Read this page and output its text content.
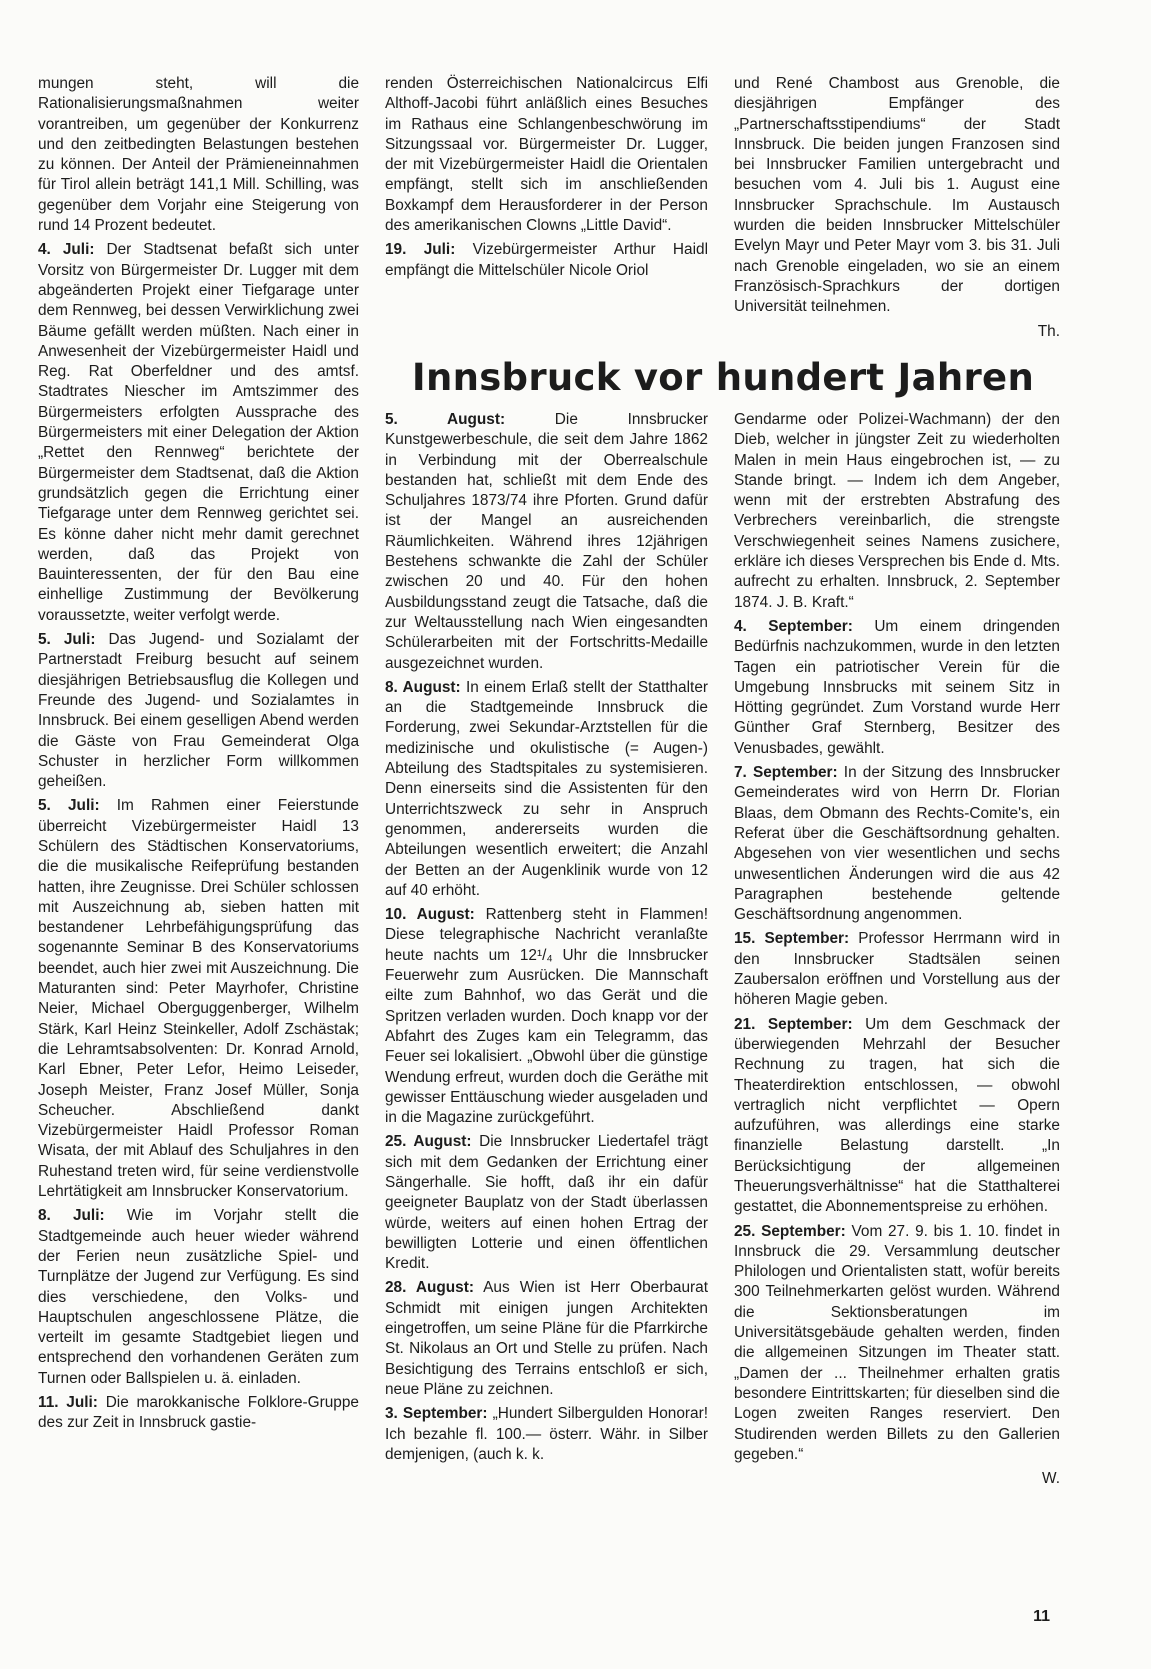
mungen steht, will die Rationalisierungsmaßnahmen weiter vorantreiben, um gegenüber der Konkurrenz und den zeitbedingten Belastungen bestehen zu können. Der Anteil der Prämieneinnahmen für Tirol allein beträgt 141,1 Mill. Schilling, was gegenüber dem Vorjahr eine Steigerung von rund 14 Prozent bedeutet.

4. Juli: Der Stadtsenat befaßt sich unter Vorsitz von Bürgermeister Dr. Lugger mit dem abgeänderten Projekt einer Tiefgarage unter dem Rennweg, bei dessen Verwirklichung zwei Bäume gefällt werden müßten. Nach einer in Anwesenheit der Vizebürgermeister Haidl und Reg. Rat Oberfeldner und des amtsf. Stadtrates Niescher im Amtszimmer des Bürgermeisters erfolgten Aussprache des Bürgermeisters mit einer Delegation der Aktion „Rettet den Rennweg“ berichtete der Bürgermeister dem Stadtsenat, daß die Aktion grundsätzlich gegen die Errichtung einer Tiefgarage unter dem Rennweg gerichtet sei. Es könne daher nicht mehr damit gerechnet werden, daß das Projekt von Bauinteressenten, der für den Bau eine einhellige Zustimmung der Bevölkerung voraussetzte, weiter verfolgt werde.

5. Juli: Das Jugend- und Sozialamt der Partnerstadt Freiburg besucht auf seinem diesjährigen Betriebsausflug die Kollegen und Freunde des Jugend- und Sozialamtes in Innsbruck. Bei einem geselligen Abend werden die Gäste von Frau Gemeinderat Olga Schuster in herzlicher Form willkommen geheißen.

5. Juli: Im Rahmen einer Feierstunde überreicht Vizebürgermeister Haidl 13 Schülern des Städtischen Konservatoriums, die die musikalische Reifeprüfung bestanden hatten, ihre Zeugnisse. Drei Schüler schlossen mit Auszeichnung ab, sieben hatten mit bestandener Lehrbefähigungsprüfung das sogenannte Seminar B des Konservatoriums beendet, auch hier zwei mit Auszeichnung. Die Maturanten sind: Peter Mayrhofer, Christine Neier, Michael Oberguggenberger, Wilhelm Stärk, Karl Heinz Steinkeller, Adolf Zschästak; die Lehramtsabsolventen: Dr. Konrad Arnold, Karl Ebner, Peter Lefor, Heimo Leiseder, Joseph Meister, Franz Josef Müller, Sonja Scheucher. Abschließend dankt Vizebürgermeister Haidl Professor Roman Wisata, der mit Ablauf des Schuljahres in den Ruhestand treten wird, für seine verdienstvolle Lehrtätigkeit am Innsbrucker Konservatorium.

8. Juli: Wie im Vorjahr stellt die Stadtgemeinde auch heuer wieder während der Ferien neun zusätzliche Spiel- und Turnplätze der Jugend zur Verfügung. Es sind dies verschiedene, den Volks- und Hauptschulen angeschlossene Plätze, die verteilt im gesamte Stadtgebiet liegen und entsprechend den vorhandenen Geräten zum Turnen oder Ballspielen u. ä. einladen.

11. Juli: Die marokkanische Folklore-Gruppe des zur Zeit in Innsbruck gastie-

renden Österreichischen Nationalcircus Elfi Althoff-Jacobi führt anläßlich eines Besuches im Rathaus eine Schlangenbeschwörung im Sitzungssaal vor. Bürgermeister Dr. Lugger, der mit Vizebürgermeister Haidl die Orientalen empfängt, stellt sich im anschließenden Boxkampf dem Herausforderer in der Person des amerikanischen Clowns „Little David“.

19. Juli: Vizebürgermeister Arthur Haidl empfängt die Mittelschüler Nicole Oriol

und René Chambost aus Grenoble, die diesjährigen Empfänger des „Partnerschaftsstipendiums“ der Stadt Innsbruck. Die beiden jungen Franzosen sind bei Innsbrucker Familien untergebracht und besuchen vom 4. Juli bis 1. August eine Innsbrucker Sprachschule. Im Austausch wurden die beiden Innsbrucker Mittelschüler Evelyn Mayr und Peter Mayr vom 3. bis 31. Juli nach Grenoble eingeladen, wo sie an einem Französisch-Sprachkurs der dortigen Universität teilnehmen.

Th.

Innsbruck vor hundert Jahren

5. August:	Die Innsbrucker Kunstgewerbeschule, die seit dem Jahre 1862 in Verbindung mit der Oberrealschule bestanden hat, schließt mit dem Ende des Schuljahres 1873/74 ihre Pforten. Grund dafür ist der Mangel an ausreichenden Räumlichkeiten. Während ihres 12jährigen Bestehens schwankte die Zahl der Schüler zwischen 20 und 40. Für den hohen Ausbildungsstand zeugt die Tatsache, daß die zur Weltausstellung nach Wien eingesandten Schülerarbeiten mit der Fortschritts-Medaille ausgezeichnet wurden.

8. August: In einem Erlaß stellt der Statthalter an die Stadtgemeinde Innsbruck die Forderung, zwei Sekundar-Arztstellen für die medizinische und okulistische (= Augen-) Abteilung des Stadtspitales zu systemisieren. Denn einerseits sind die Assistenten für den Unterrichtszweck zu sehr in Anspruch genommen, andererseits wurden die Abteilungen wesentlich erweitert; die Anzahl der Betten an der Augenklinik wurde von 12 auf 40 erhöht.

10. August: Rattenberg steht in Flammen! Diese telegraphische Nachricht veranlaßte heute nachts um 12¹/₄ Uhr die Innsbrucker Feuerwehr zum Ausrücken. Die Mannschaft eilte zum Bahnhof, wo das Gerät und die Spritzen verladen wurden. Doch knapp vor der Abfahrt des Zuges kam ein Telegramm, das Feuer sei lokalisiert. „Obwohl über die günstige Wendung erfreut, wurden doch die Geräthe mit gewisser Enttäuschung wieder ausgeladen und in die Magazine zurückgeführt.

25. August: Die Innsbrucker Liedertafel trägt sich mit dem Gedanken der Errichtung einer Sängerhalle. Sie hofft, daß ihr ein dafür geeigneter Bauplatz von der Stadt überlassen würde, weiters auf einen hohen Ertrag der bewilligten Lotterie und einen öffentlichen Kredit.

28. August: Aus Wien ist Herr Oberbaurat Schmidt mit einigen jungen Architekten eingetroffen, um seine Pläne für die Pfarrkirche St. Nikolaus an Ort und Stelle zu prüfen. Nach Besichtigung des Terrains entschloß er sich, neue Pläne zu zeichnen.

3. September: „Hundert Silbergulden Honorar! Ich bezahle fl. 100.— österr. Währ. in Silber demjenigen, (auch k. k.

Gendarme oder Polizei-Wachmann) der den Dieb, welcher in jüngster Zeit zu wiederholten Malen in mein Haus eingebrochen ist, — zu Stande bringt. — Indem ich dem Angeber, wenn mit der erstrebten Abstrafung des Verbrechers vereinbarlich, die strengste Verschwiegenheit seines Namens zusichere, erkläre ich dieses Versprechen bis Ende d. Mts. aufrecht zu erhalten. Innsbruck, 2. September 1874. J. B. Kraft.“

4. September: Um einem dringenden Bedürfnis nachzukommen, wurde in den letzten Tagen ein patriotischer Verein für die Umgebung Innsbrucks mit seinem Sitz in Hötting gegründet. Zum Vorstand wurde Herr Günther Graf Sternberg, Besitzer des Venusbades, gewählt.

7. September: In der Sitzung des Innsbrucker Gemeinderates wird von Herrn Dr. Florian Blaas, dem Obmann des Rechts-Comite's, ein Referat über die Geschäftsordnung gehalten. Abgesehen von vier wesentlichen und sechs unwesentlichen Änderungen wird die aus 42 Paragraphen bestehende geltende Geschäftsordnung angenommen.

15. September: Professor Herrmann wird in den Innsbrucker Stadtsälen seinen Zaubersalon eröffnen und Vorstellung aus der höheren Magie geben.

21. September: Um dem Geschmack der überwiegenden Mehrzahl der Besucher Rechnung zu tragen, hat sich die Theaterdirektion entschlossen, — obwohl vertraglich nicht verpflichtet — Opern aufzuführen, was allerdings eine starke finanzielle Belastung darstellt. „In Berücksichtigung der allgemeinen Theuerungsverhältnisse“ hat die Statthalterei gestattet, die Abonnementspreise zu erhöhen.

25. September: Vom 27. 9. bis 1. 10. findet in Innsbruck die 29. Versammlung deutscher Philologen und Orientalisten statt, wofür bereits 300 Teilnehmerkarten gelöst wurden. Während die Sektionsberatungen im Universitätsgebäude gehalten werden, finden die allgemeinen Sitzungen im Theater statt. „Damen der ... Theilnehmer erhalten gratis besondere Eintrittskarten; für dieselben sind die Logen zweiten Ranges reserviert. Den Studirenden werden Billets zu den Gallerien gegeben.“

W.

11
